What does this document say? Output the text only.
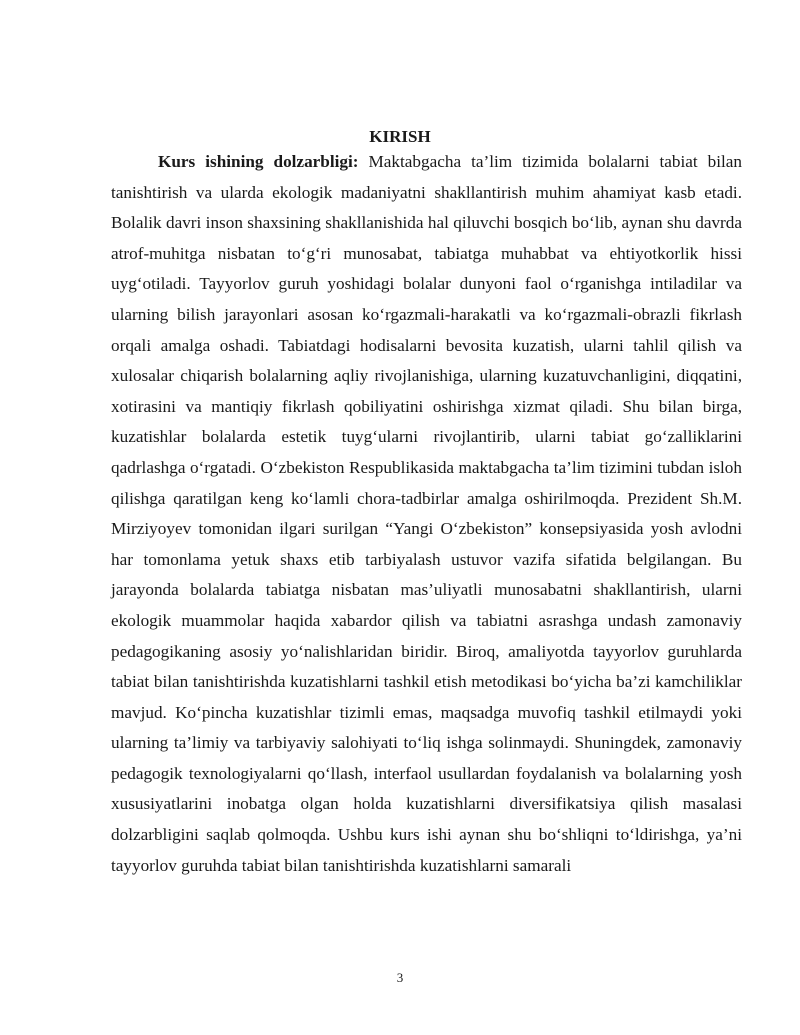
KIRISH

Kurs ishining dolzarbligi: Maktabgacha ta’lim tizimida bolalarni tabiat bilan tanishtirish va ularda ekologik madaniyatni shakllantirish muhim ahamiyat kasb etadi. Bolalik davri inson shaxsining shakllanishida hal qiluvchi bosqich bo‘lib, aynan shu davrda atrof-muhitga nisbatan to‘g‘ri munosabat, tabiatga muhabbat va ehtiyotkorlik hissi uyg‘otiladi. Tayyorlov guruh yoshidagi bolalar dunyoni faol o‘rganishga intiladilar va ularning bilish jarayonlari asosan ko‘rgazmali-harakatli va ko‘rgazmali-obrazli fikrlash orqali amalga oshadi. Tabiatdagi hodisalarni bevosita kuzatish, ularni tahlil qilish va xulosalar chiqarish bolalarning aqliy rivojlanishiga, ularning kuzatuvchanligini, diqqatini, xotirasini va mantiqiy fikrlash qobiliyatini oshirishga xizmat qiladi. Shu bilan birga, kuzatishlar bolalarda estetik tuyg‘ularni rivojlantirib, ularni tabiat go‘zalliklarini qadrlashga o‘rgatadi. O‘zbekiston Respublikasida maktabgacha ta’lim tizimini tubdan isloh qilishga qaratilgan keng ko‘lamli chora-tadbirlar amalga oshirilmoqda. Prezident Sh.M. Mirziyoyev tomonidan ilgari surilgan “Yangi O‘zbekiston” konsepsiyasida yosh avlodni har tomonlama yetuk shaxs etib tarbiyalash ustuvor vazifa sifatida belgilangan. Bu jarayonda bolalarda tabiatga nisbatan mas’uliyatli munosabatni shakllantirish, ularni ekologik muammolar haqida xabardor qilish va tabiatni asrashga undash zamonaviy pedagogikaning asosiy yo‘nalishlaridan biridir. Biroq, amaliyotda tayyorlov guruhlarda tabiat bilan tanishtirishda kuzatishlarni tashkil etish metodikasi bo‘yicha ba’zi kamchiliklar mavjud. Ko‘pincha kuzatishlar tizimli emas, maqsadga muvofiq tashkil etilmaydi yoki ularning ta’limiy va tarbiyaviy salohiyati to‘liq ishga solinmaydi. Shuningdek, zamonaviy pedagogik texnologiyalarni qo‘llash, interfaol usullardan foydalanish va bolalarning yosh xususiyatlarini inobatga olgan holda kuzatishlarni diversifikatsiya qilish masalasi dolzarbligini saqlab qolmoqda. Ushbu kurs ishi aynan shu bo‘shliqni to‘ldirishga, ya’ni tayyorlov guruhda tabiat bilan tanishtirishda kuzatishlarni samarali

3
